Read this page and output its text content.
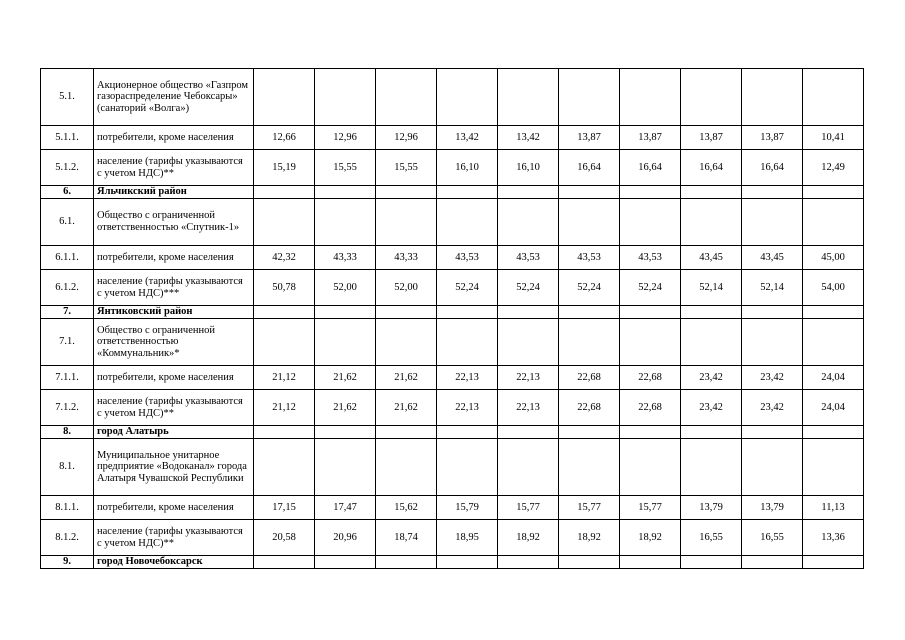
5.1.	Акционерное общество «Газпром газораспределение Чебоксары» (санаторий «Волга»)										
5.1.1.	потребители, кроме населения	12,66	12,96	12,96	13,42	13,42	13,87	13,87	13,87	13,87	10,41
5.1.2.	население (тарифы указываются с учетом НДС)**	15,19	15,55	15,55	16,10	16,10	16,64	16,64	16,64	16,64	12,49
6.	Яльчикский район										
6.1.	Общество с ограниченной ответственностью «Спутник-1»										
6.1.1.	потребители, кроме населения	42,32	43,33	43,33	43,53	43,53	43,53	43,53	43,45	43,45	45,00
6.1.2.	население (тарифы указываются с учетом НДС)***	50,78	52,00	52,00	52,24	52,24	52,24	52,24	52,14	52,14	54,00
7.	Янтиковский район										
7.1.	Общество с ограниченной ответственностью «Коммунальник»*										
7.1.1.	потребители, кроме населения	21,12	21,62	21,62	22,13	22,13	22,68	22,68	23,42	23,42	24,04
7.1.2.	население (тарифы указываются с учетом НДС)**	21,12	21,62	21,62	22,13	22,13	22,68	22,68	23,42	23,42	24,04
8.	город Алатырь										
8.1.	Муниципальное унитарное предприятие «Водоканал» города Алатыря Чувашской Республики										
8.1.1.	потребители, кроме населения	17,15	17,47	15,62	15,79	15,77	15,77	15,77	13,79	13,79	11,13
8.1.2.	население (тарифы указываются с учетом НДС)**	20,58	20,96	18,74	18,95	18,92	18,92	18,92	16,55	16,55	13,36
9.	город Новочебоксарск										
